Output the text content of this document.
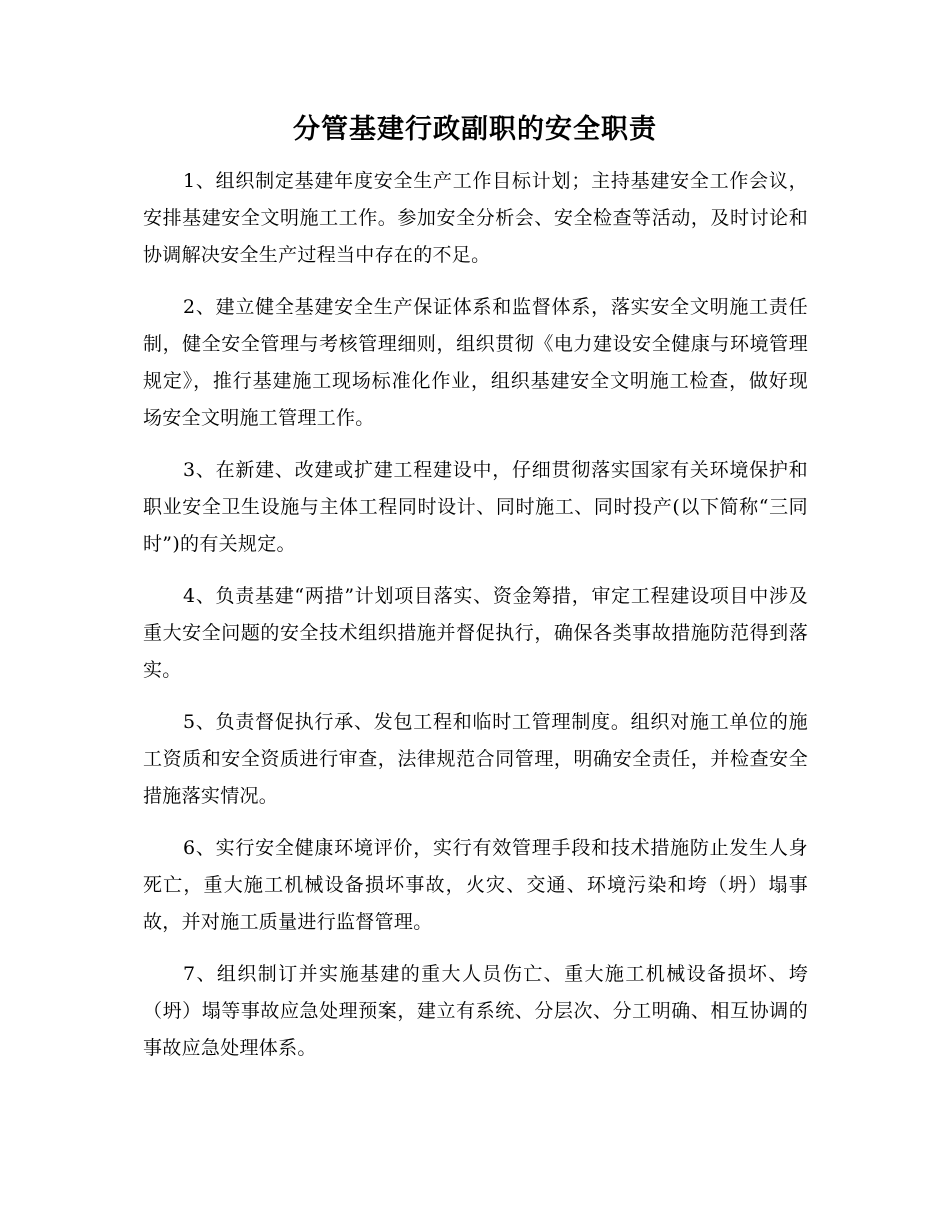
分管基建行政副职的安全职责

1、组织制定基建年度安全生产工作目标计划；主持基建安全工作会议，安排基建安全文明施工工作。参加安全分析会、安全检查等活动，及时讨论和协调解决安全生产过程当中存在的不足。

2、建立健全基建安全生产保证体系和监督体系，落实安全文明施工责任制，健全安全管理与考核管理细则，组织贯彻《电力建设安全健康与环境管理规定》，推行基建施工现场标准化作业，组织基建安全文明施工检查，做好现场安全文明施工管理工作。

3、在新建、改建或扩建工程建设中，仔细贯彻落实国家有关环境保护和职业安全卫生设施与主体工程同时设计、同时施工、同时投产(以下简称“三同时”)的有关规定。

4、负责基建“两措”计划项目落实、资金筹措，审定工程建设项目中涉及重大安全问题的安全技术组织措施并督促执行，确保各类事故措施防范得到落实。

5、负责督促执行承、发包工程和临时工管理制度。组织对施工单位的施工资质和安全资质进行审查，法律规范合同管理，明确安全责任，并检查安全措施落实情况。

6、实行安全健康环境评价，实行有效管理手段和技术措施防止发生人身死亡，重大施工机械设备损坏事故，火灾、交通、环境污染和垮（坍）塌事故，并对施工质量进行监督管理。

7、组织制订并实施基建的重大人员伤亡、重大施工机械设备损坏、垮（坍）塌等事故应急处理预案，建立有系统、分层次、分工明确、相互协调的事故应急处理体系。
